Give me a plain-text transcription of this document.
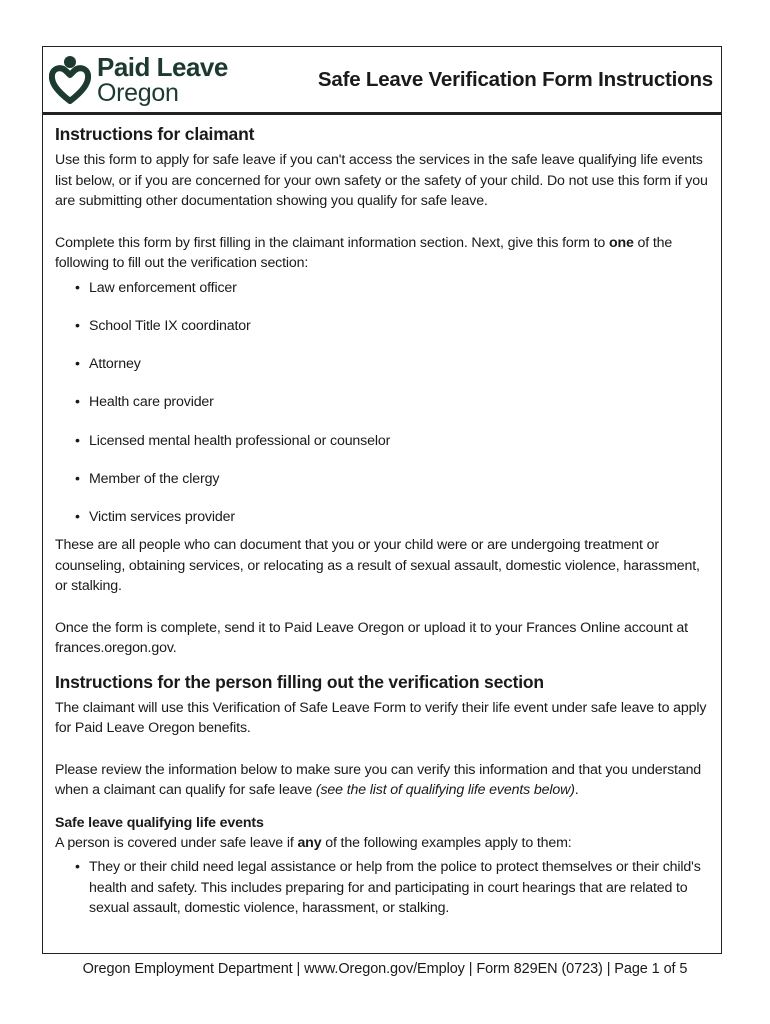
Paid Leave
Oregon	Safe Leave Verification Form Instructions
Instructions for claimant

Use this form to apply for safe leave if you can't access the services in the safe leave qualifying life events list below, or if you are concerned for your own safety or the safety of your child. Do not use this form if you are submitting other documentation showing you qualify for safe leave.

Complete this form by first filling in the claimant information section. Next, give this form to one of the following to fill out the verification section:

• Law enforcement officer
• School Title IX coordinator
• Attorney
• Health care provider
• Licensed mental health professional or counselor
• Member of the clergy
• Victim services provider

These are all people who can document that you or your child were or are undergoing treatment or counseling, obtaining services, or relocating as a result of sexual assault, domestic violence, harassment, or stalking.

Once the form is complete, send it to Paid Leave Oregon or upload it to your Frances Online account at frances.oregon.gov.

Instructions for the person filling out the verification section

The claimant will use this Verification of Safe Leave Form to verify their life event under safe leave to apply for Paid Leave Oregon benefits.

Please review the information below to make sure you can verify this information and that you understand when a claimant can qualify for safe leave (see the list of qualifying life events below).

Safe leave qualifying life events

A person is covered under safe leave if any of the following examples apply to them:

• They or their child need legal assistance or help from the police to protect themselves or their child's health and safety. This includes preparing for and participating in court hearings that are related to sexual assault, domestic violence, harassment, or stalking.
Oregon Employment Department | www.Oregon.gov/Employ | Form 829EN (0723) | Page 1 of 5
